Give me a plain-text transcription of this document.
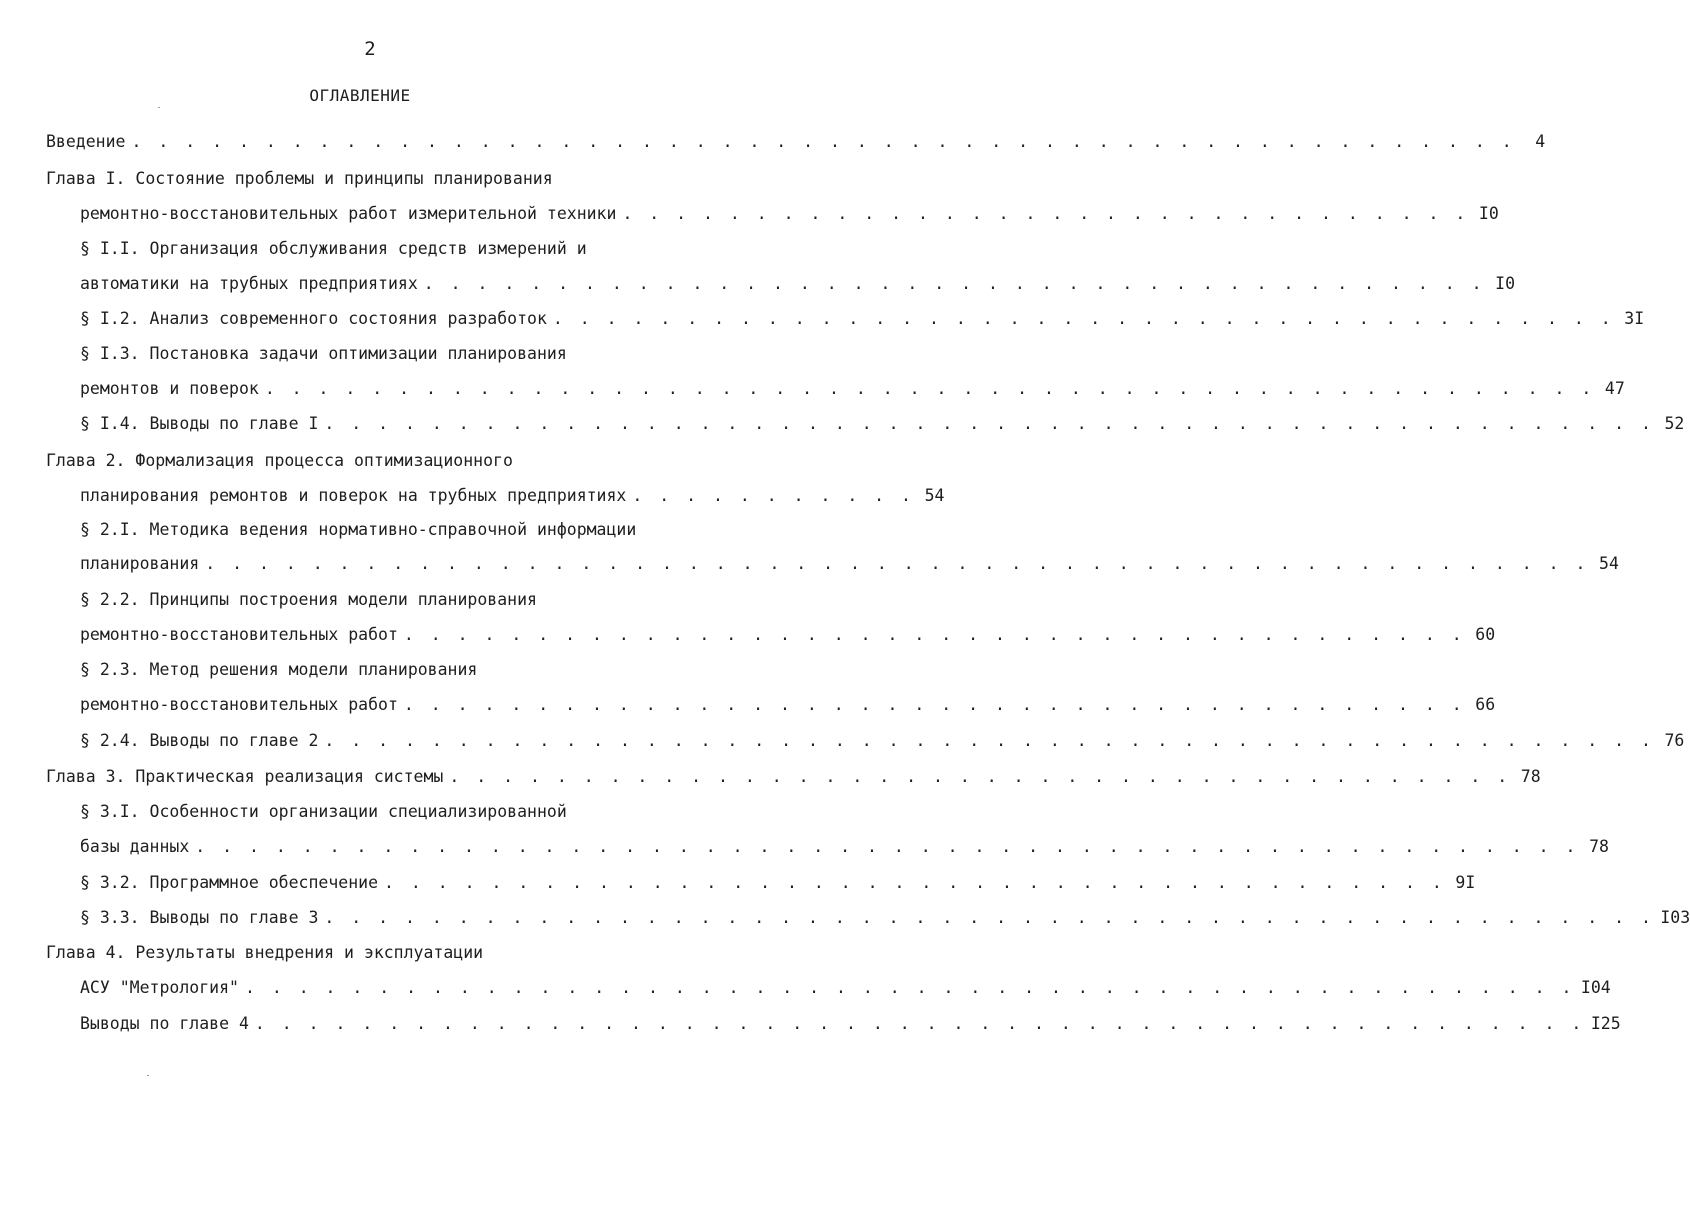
2
ОГЛАВЛЕНИЕ
Введение . . . . . . . . . . . . . . . . . . . . . . . . . . . . . . . . . . . . . . . . . . . . . . . . . . . .	4
Глава I. Состояние проблемы и принципы планирования
ремонтно-восстановительных работ измерительной техники . . . . . . . . . . . . . . . . . . . . . . . . . . . . . . . . I0
§ I.I. Организация обслуживания средств измерений и
автоматики на трубных предприятиях . . . . . . . . . . . . . . . . . . . . . . . . . . . . . . . . . . . . . . . . I0
§ I.2. Анализ современного состояния разработок . . . . . . . . . . . . . . . . . . . . . . . . . . . . . . . . . . . . . . . . 3I
§ I.3. Постановка задачи оптимизации планирования
ремонтов и поверок . . . . . . . . . . . . . . . . . . . . . . . . . . . . . . . . . . . . . . . . . . . . . . . . . . 47
§ I.4. Выводы по главе I . . . . . . . . . . . . . . . . . . . . . . . . . . . . . . . . . . . . . . . . . . . . . . . . . . 52
Глава 2. Формализация процесса оптимизационного
планирования ремонтов и поверок на трубных предприятиях . . . . . . . . . . . 54
§ 2.I. Методика ведения нормативно-справочной информации
планирования . . . . . . . . . . . . . . . . . . . . . . . . . . . . . . . . . . . . . . . . . . . . . . . . . . . . 54
§ 2.2. Принципы построения модели планирования
ремонтно-восстановительных работ . . . . . . . . . . . . . . . . . . . . . . . . . . . . . . . . . . . . . . . . 60
§ 2.3. Метод решения модели планирования
ремонтно-восстановительных работ . . . . . . . . . . . . . . . . . . . . . . . . . . . . . . . . . . . . . . . . 66
§ 2.4. Выводы по главе 2 . . . . . . . . . . . . . . . . . . . . . . . . . . . . . . . . . . . . . . . . . . . . . . . . . . 76
Глава 3. Практическая реализация системы . . . . . . . . . . . . . . . . . . . . . . . . . . . . . . . . . . . . . . . . 78
§ 3.I. Особенности организации специализированной
базы данных . . . . . . . . . . . . . . . . . . . . . . . . . . . . . . . . . . . . . . . . . . . . . . . . . . . . 78
§ 3.2. Программное обеспечение . . . . . . . . . . . . . . . . . . . . . . . . . . . . . . . . . . . . . . . . 9I
§ 3.3. Выводы по главе 3 . . . . . . . . . . . . . . . . . . . . . . . . . . . . . . . . . . . . . . . . . . . . . . . . . . I03
Глава 4. Результаты внедрения и эксплуатации
АСУ "Метрология" . . . . . . . . . . . . . . . . . . . . . . . . . . . . . . . . . . . . . . . . . . . . . . . . . . I04
Выводы по главе 4 . . . . . . . . . . . . . . . . . . . . . . . . . . . . . . . . . . . . . . . . . . . . . . . . . . I25
